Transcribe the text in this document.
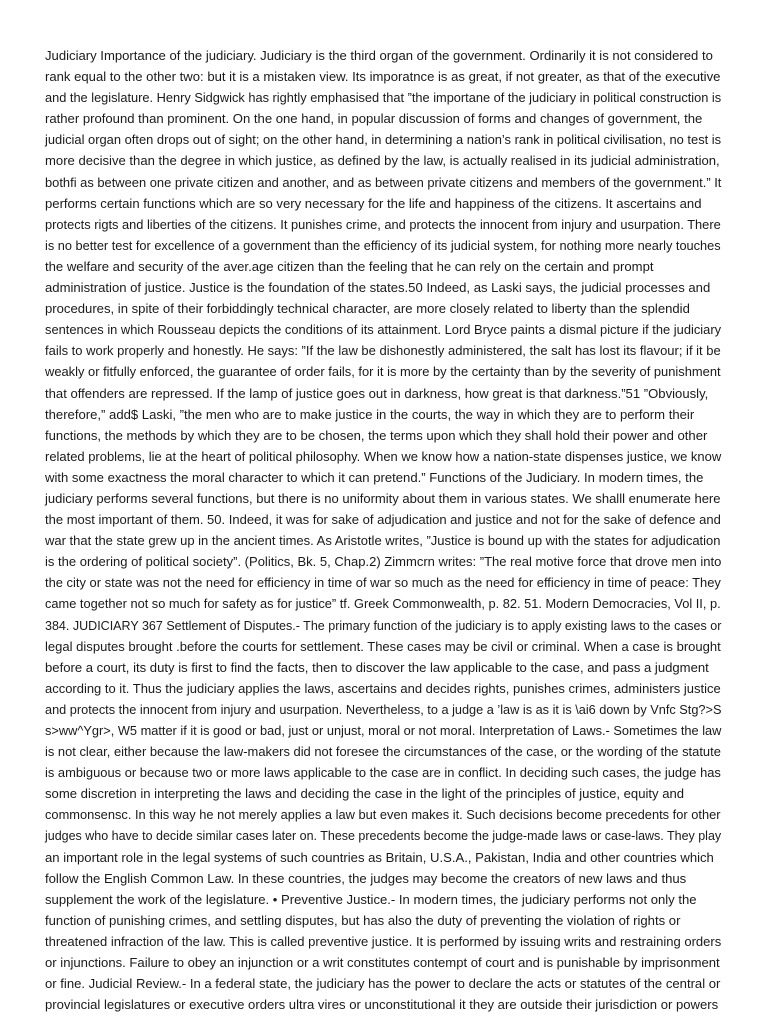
Judiciary Importance of the judiciary. Judiciary is the third organ of the government. Ordinarily it is not considered to
rank equal to the other two: but it is a mistaken view. Its imporatnce is as great, if not greater, as that of the executive
and the legislature. Henry Sidgwick has rightly emphasised that ”the importane of the judiciary in political construction is
rather profound than prominent. On the one hand, in popular discussion of forms and changes of government, the
judicial organ often drops out of sight; on the other hand, in determining a nation’s rank in political civilisation, no test is
more decisive than the degree in which justice, as defined by the law, is actually realised in its judicial administration,
bothfi as between one private citizen and another, and as between private citizens and members of the government.” It
performs certain functions which are so very necessary for the life and happiness of the citizens. It ascertains and
protects rigts and liberties of the citizens. It punishes crime, and protects the innocent from injury and usurpation. There
is no better test for excellence of a government than the efficiency of its judicial system, for nothing more nearly touches
the welfare and security of the aver.age citizen than the feeling that he can rely on the certain and prompt
administration of justice. Justice is the foundation of the states.50 Indeed, as Laski says, the judicial processes and
procedures, in spite of their forbiddingly technical character, are more closely related to liberty than the splendid
sentences in which Rousseau depicts the conditions of its attainment. Lord Bryce paints a dismal picture if the judiciary
fails to work properly and honestly. He says: ”If the law be dishonestly administered, the salt has lost its flavour; if it be
weakly or fitfully enforced, the guarantee of order fails, for it is more by the certainty than by the severity of punishment
that offenders are repressed. If the lamp of justice goes out in darkness, how great is that darkness.”51 ”Obviously,
therefore,” add$ Laski, ”the men who are to make justice in the courts, the way in which they are to perform their
functions, the methods by which they are to be chosen, the terms upon which they shall hold their power and other
related problems, lie at the heart of political philosophy. When we know how a nation-state dispenses justice, we know
with some exactness the moral character to which it can pretend.” Functions of the Judiciary. In modern times, the
judiciary performs several functions, but there is no uniformity about them in various states. We shalll enumerate here
the most important of them. 50. Indeed, it was for sake of adjudication and justice and not for the sake of defence and
war that the state grew up in the ancient times. As Aristotle writes, ”Justice is bound up with the states for adjudication
is the ordering of political society”. (Politics, Bk. 5, Chap.2) Zimmcrn writes: ”The real motive force that drove men into
the city or state was not the need for efficiency in time of war so much as the need for efficiency in time of peace: They
came together not so much for safety as for justice” tf. Greek Commonwealth, p. 82. 51. Modern Democracies, Vol II, p.
384. JUDICIARY 367 Settlement of Disputes.- The primary function of the judiciary is to apply existing laws to the cases or
legal disputes brought .before the courts for settlement. These cases may be civil or criminal. When a case is brought
before a court, its duty is first to find the facts, then to discover the law applicable to the case, and pass a judgment
according to it. Thus the judiciary applies the laws, ascertains and decides rights, punishes crimes, administers justice
and protects the innocent from injury and usurpation. Nevertheless, to a judge a ’law is as it is \ai6 down by Vnfc Stg?>S
s>ww^Ygr>, W5 matter if it is good or bad, just or unjust, moral or not moral. Interpretation of Laws.- Sometimes the law
is not clear, either because the law-makers did not foresee the circumstances of the case, or the wording of the statute
is ambiguous or because two or more laws applicable to the case are in conflict. In deciding such cases, the judge has
some discretion in interpreting the laws and deciding the case in the light of the principles of justice, equity and
commonsensc. In this way he not merely applies a law but even makes it. Such decisions become precedents for other
judges who have to decide similar cases later on. These precedents become the judge-made laws or case-laws. They play
an important role in the legal systems of such countries as Britain, U.S.A., Pakistan, India and other countries which
follow the English Common Law. In these countries, the judges may become the creators of new laws and thus
supplement the work of the legislature. • Preventive Justice.- In modern times, the judiciary performs not only the
function of punishing crimes, and settling disputes, but has also the duty of preventing the violation of rights or
threatened infraction of the law. This is called preventive justice. It is performed by issuing writs and restraining orders
or injunctions. Failure to obey an injunction or a writ constitutes contempt of court and is punishable by imprisonment
or fine. Judicial Review.- In a federal state, the judiciary has the power to declare the acts or statutes of the central or
provincial legislatures or executive orders ultra vires or unconstitutional it they are outside their jurisdiction or powers
